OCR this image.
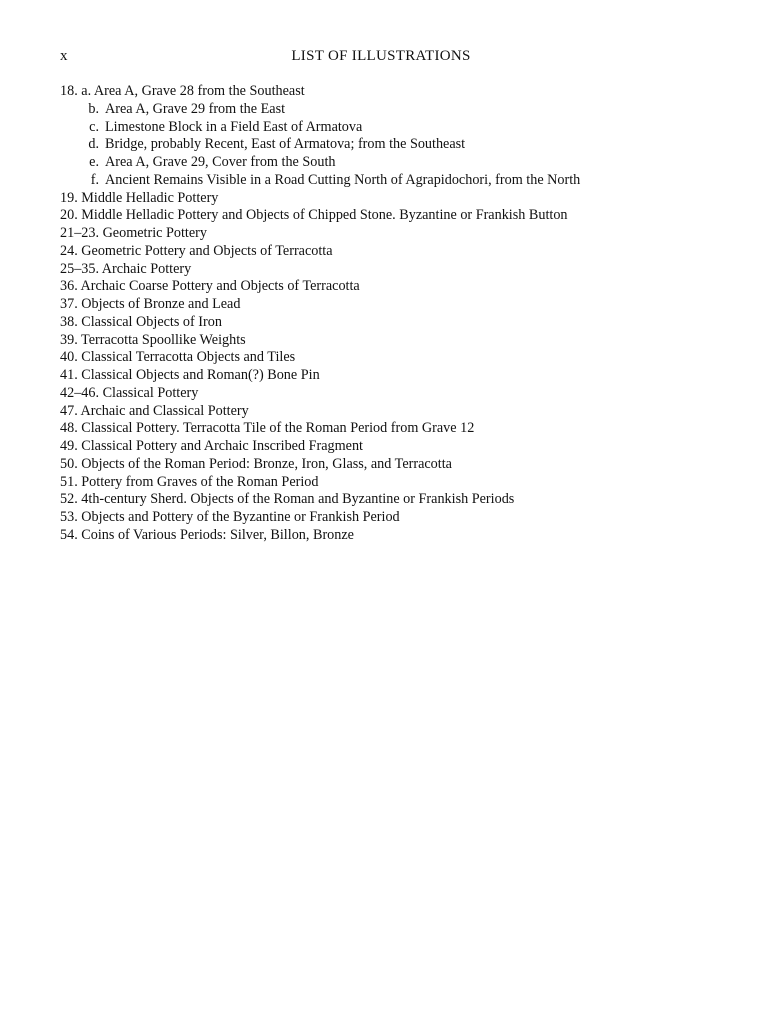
x	LIST OF ILLUSTRATIONS
18. a. Area A, Grave 28 from the Southeast
b. Area A, Grave 29 from the East
c. Limestone Block in a Field East of Armatova
d. Bridge, probably Recent, East of Armatova; from the Southeast
e. Area A, Grave 29, Cover from the South
f. Ancient Remains Visible in a Road Cutting North of Agrapidochori, from the North
19. Middle Helladic Pottery
20. Middle Helladic Pottery and Objects of Chipped Stone. Byzantine or Frankish Button
21–23. Geometric Pottery
24. Geometric Pottery and Objects of Terracotta
25–35. Archaic Pottery
36. Archaic Coarse Pottery and Objects of Terracotta
37. Objects of Bronze and Lead
38. Classical Objects of Iron
39. Terracotta Spoollike Weights
40. Classical Terracotta Objects and Tiles
41. Classical Objects and Roman(?) Bone Pin
42–46. Classical Pottery
47. Archaic and Classical Pottery
48. Classical Pottery. Terracotta Tile of the Roman Period from Grave 12
49. Classical Pottery and Archaic Inscribed Fragment
50. Objects of the Roman Period: Bronze, Iron, Glass, and Terracotta
51. Pottery from Graves of the Roman Period
52. 4th-century Sherd. Objects of the Roman and Byzantine or Frankish Periods
53. Objects and Pottery of the Byzantine or Frankish Period
54. Coins of Various Periods: Silver, Billon, Bronze
